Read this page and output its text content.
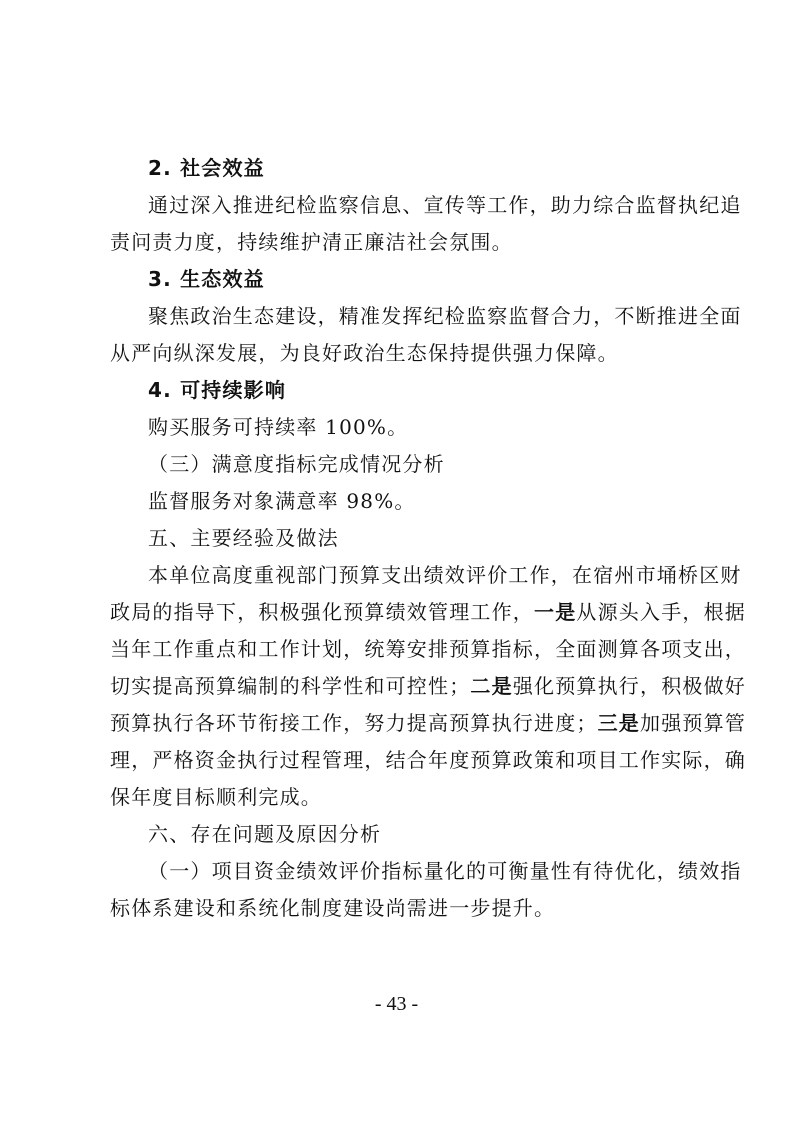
2. 社会效益
通过深入推进纪检监察信息、宣传等工作，助力综合监督执纪追
责问责力度，持续维护清正廉洁社会氛围。
3. 生态效益
聚焦政治生态建设，精准发挥纪检监察监督合力，不断推进全面
从严向纵深发展，为良好政治生态保持提供强力保障。
4. 可持续影响
购买服务可持续率 100%。
（三）满意度指标完成情况分析
监督服务对象满意率 98%。
五、主要经验及做法
本单位高度重视部门预算支出绩效评价工作，在宿州市埇桥区财
政局的指导下，积极强化预算绩效管理工作，一是从源头入手，根据
当年工作重点和工作计划，统筹安排预算指标，全面测算各项支出，
切实提高预算编制的科学性和可控性；二是强化预算执行，积极做好
预算执行各环节衔接工作，努力提高预算执行进度；三是加强预算管
理，严格资金执行过程管理，结合年度预算政策和项目工作实际，确
保年度目标顺利完成。
六、存在问题及原因分析
（一）项目资金绩效评价指标量化的可衡量性有待优化，绩效指
标体系建设和系统化制度建设尚需进一步提升。
- 43 -
